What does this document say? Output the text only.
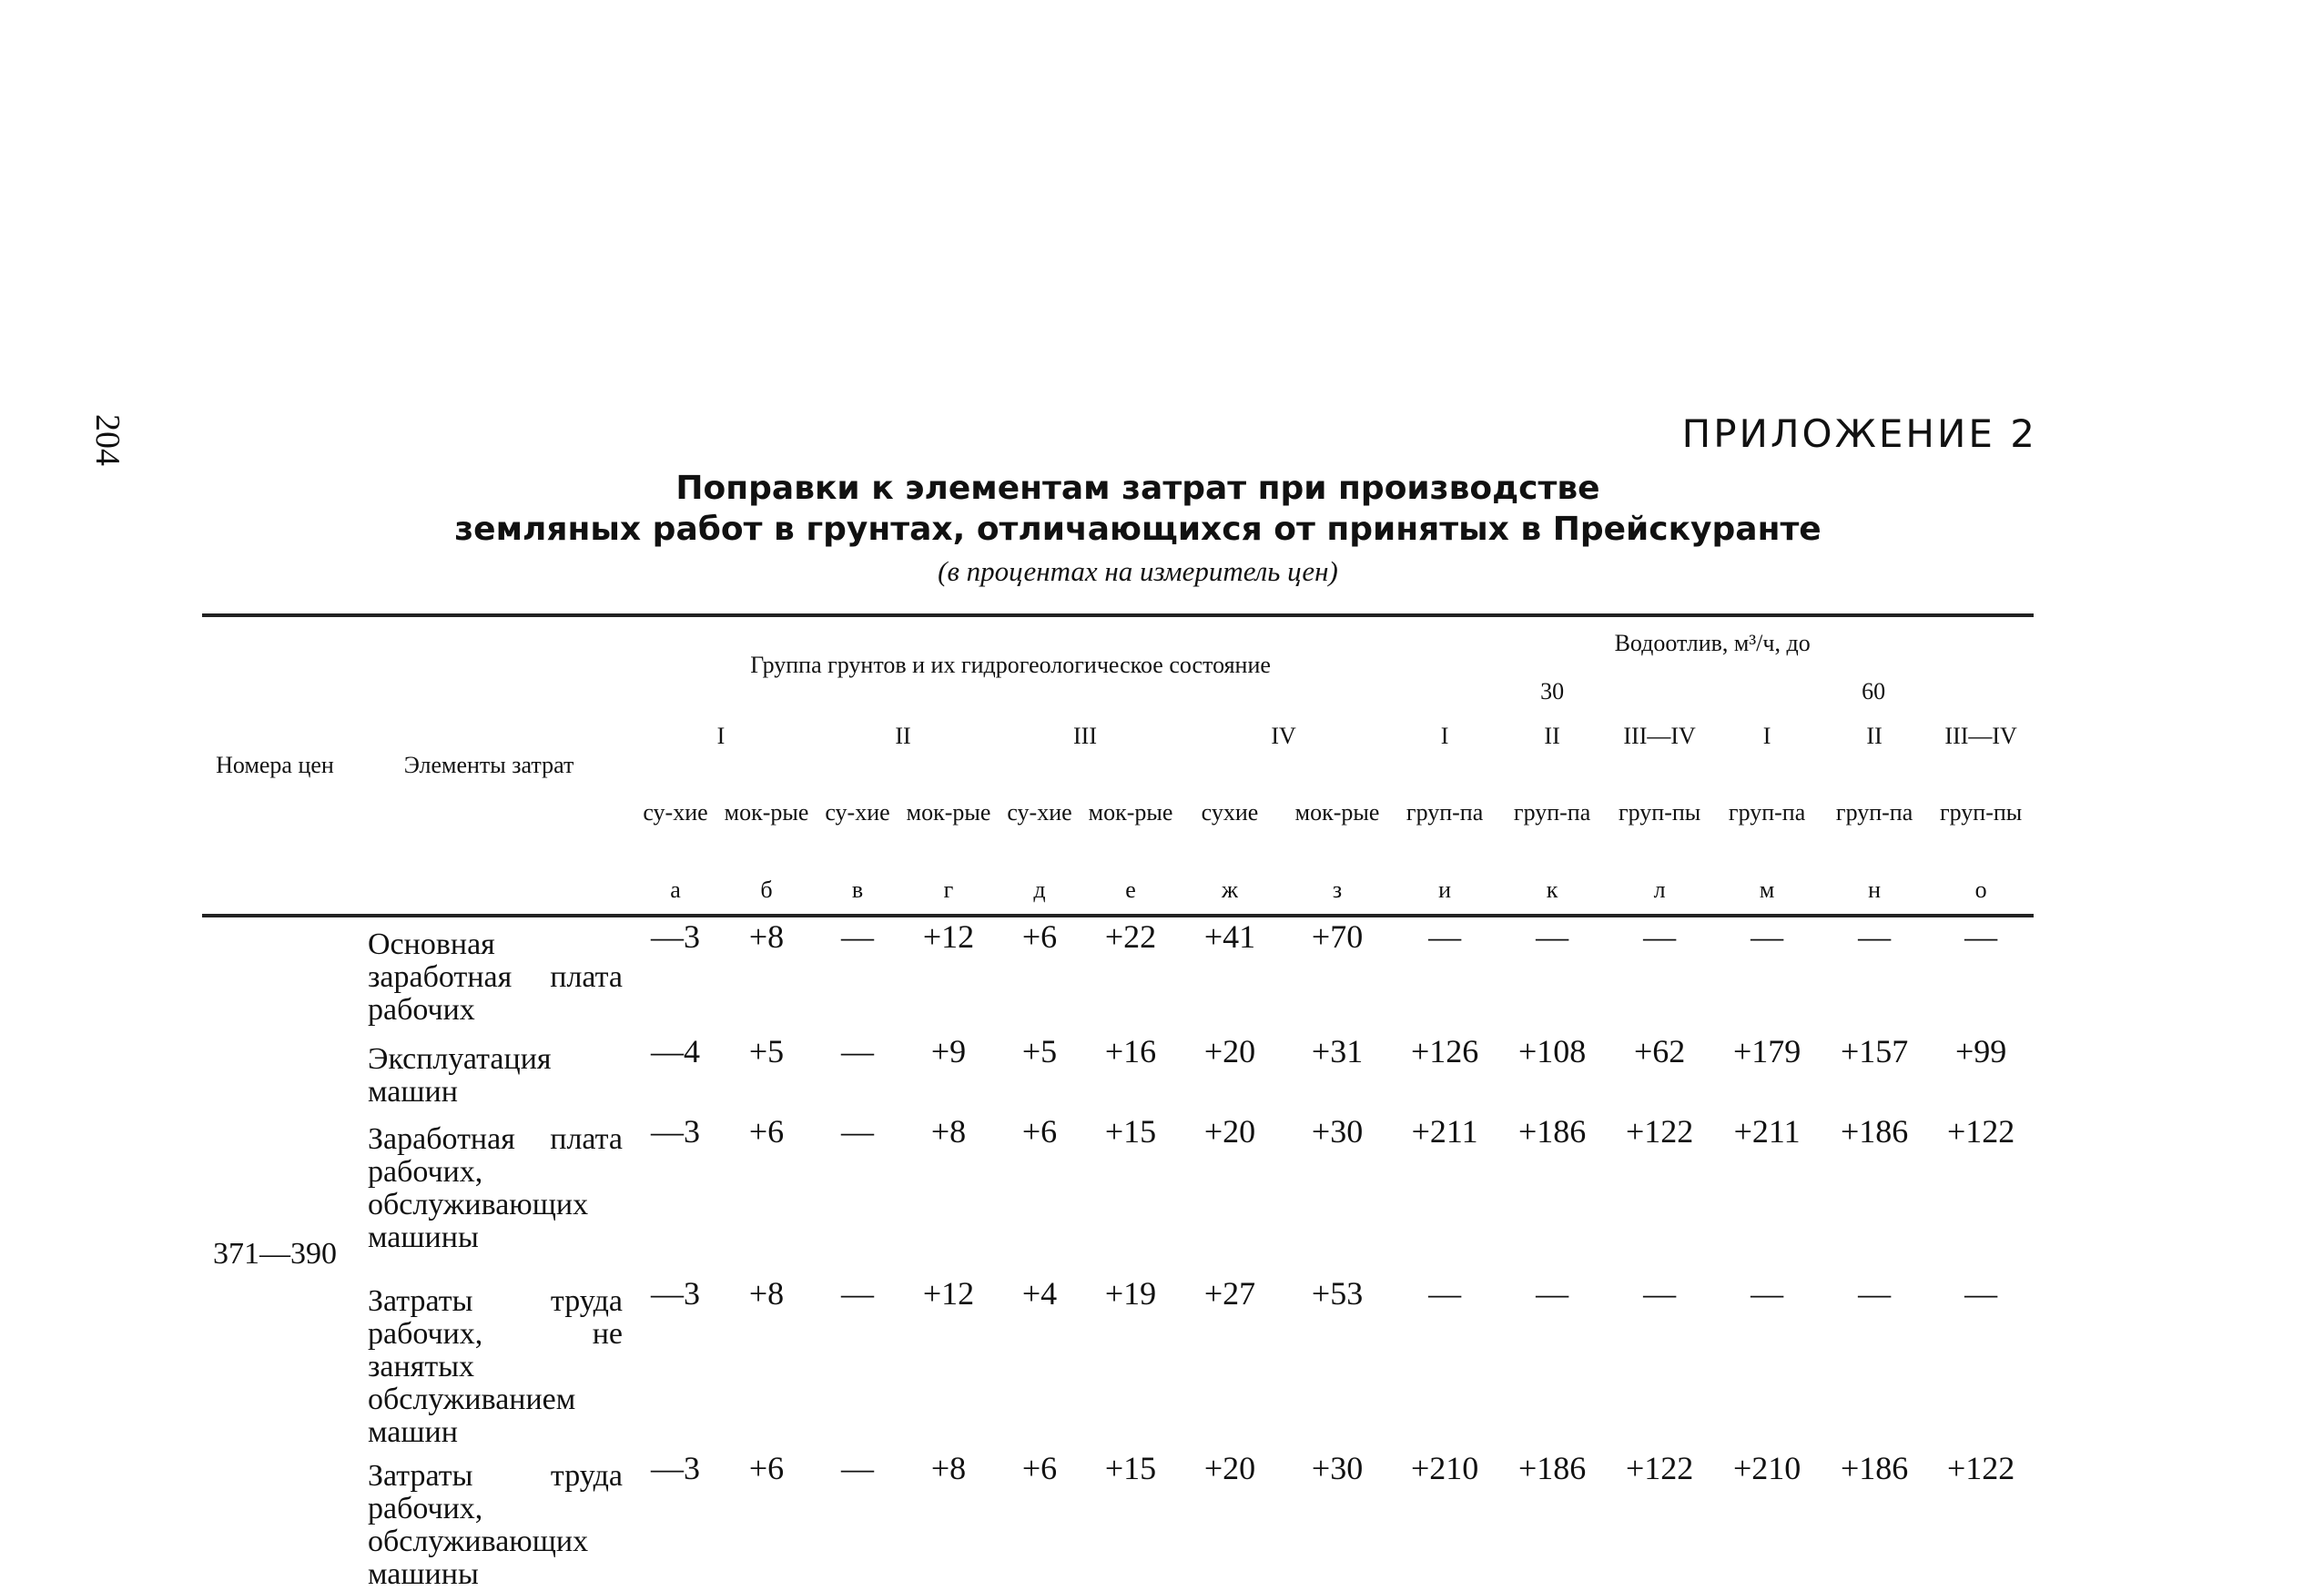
204	ПРИЛОЖЕНИЕ 2
Поправки к элементам затрат при производстве
земляных работ в грунтах, отличающихся от принятых в Прейскуранте
(в процентах на измеритель цен)
Номера цен	Элементы затрат	Группа грунтов и их гидрогеологическое состояние								Водоотлив, м³/ч, до					
										30			60		
		I		II		III		IV		I	II	III—IV	I	II	III—IV
		су-хие	мок-рые	су-хие	мок-рые	су-хие	мок-рые	сухие	мок-рые	груп-па	груп-па	груп-пы	груп-па	груп-па	груп-пы
		а	б	в	г	д	е	ж	з	и	к	л	м	н	о
371—390	Основная заработная плата рабочих	—3	+8	—	+12	+6	+22	+41	+70	—	—	—	—	—	—
	Эксплуатация машин	—4	+5	—	+9	+5	+16	+20	+31	+126	+108	+62	+179	+157	+99
	Заработная плата рабочих, обслуживающих машины	—3	+6	—	+8	+6	+15	+20	+30	+211	+186	+122	+211	+186	+122
	Затраты труда рабочих, не занятых обслуживанием машин	—3	+8	—	+12	+4	+19	+27	+53	—	—	—	—	—	—
	Затраты труда рабочих, обслуживающих машины	—3	+6	—	+8	+6	+15	+20	+30	+210	+186	+122	+210	+186	+122
